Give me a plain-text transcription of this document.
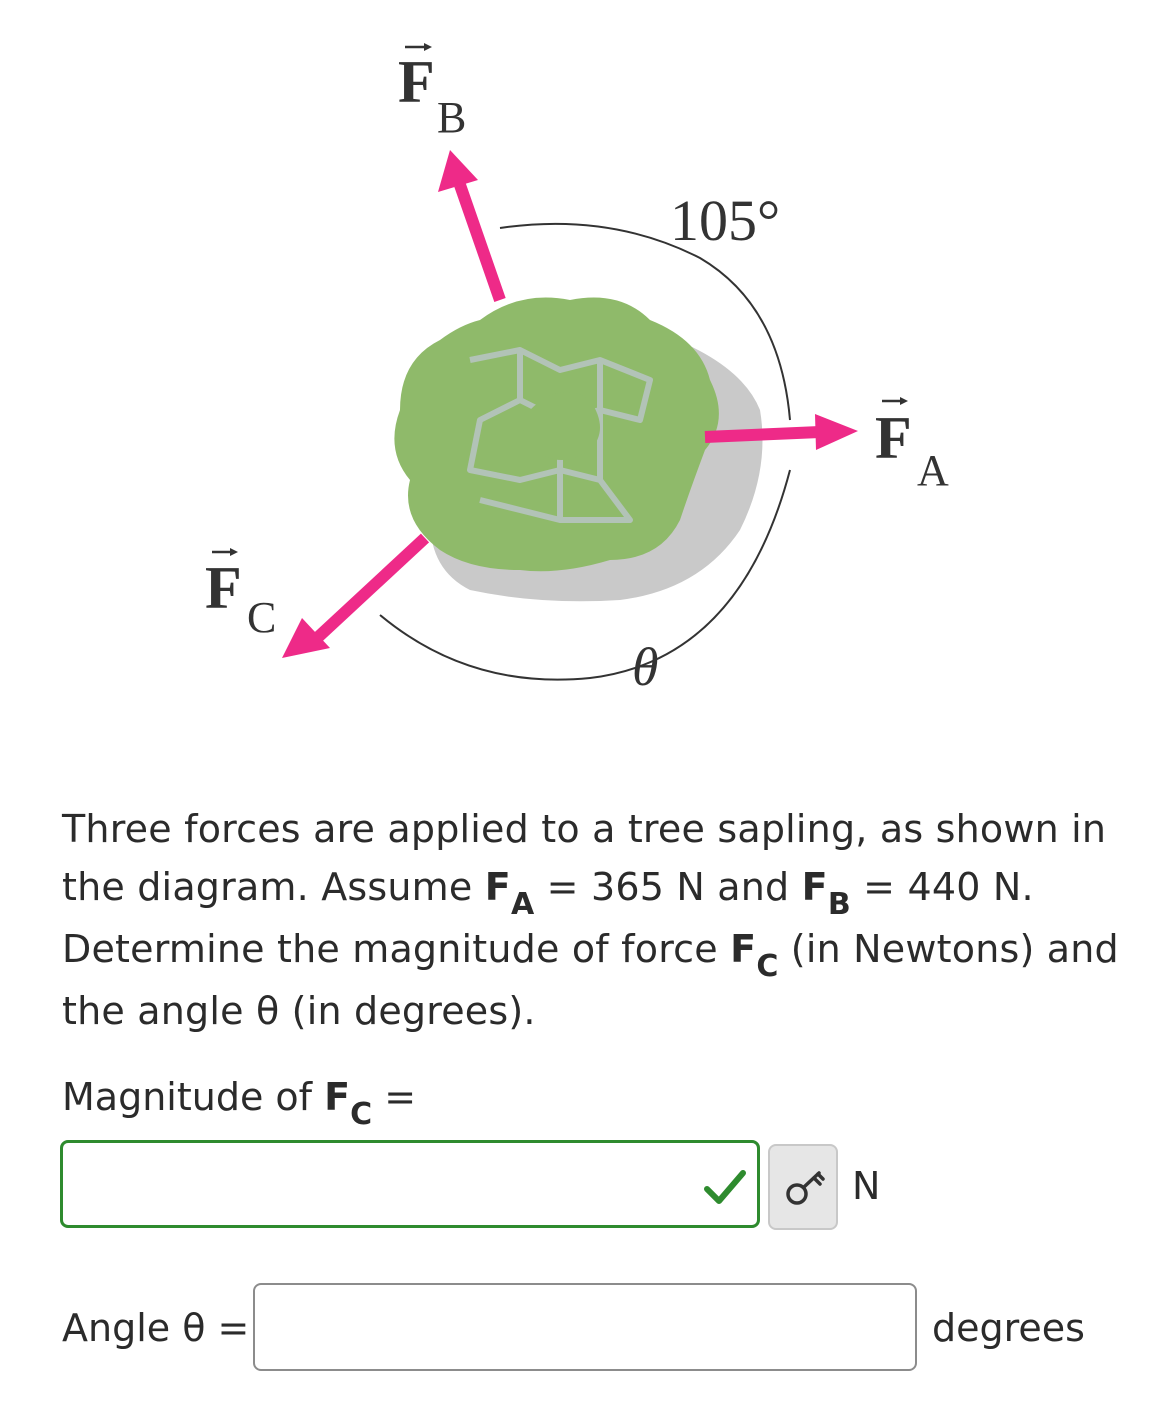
F
B
F A
F C
105°
θ
Three forces are applied to a tree sapling, as shown in the diagram. Assume $F_A = 365$ N and $F_B = 440$ N. Determine the magnitude of force $F_C$ (in Newtons) and the angle θ (in degrees).
Magnitude of $F_C$ =
N
Angle θ =	degrees
